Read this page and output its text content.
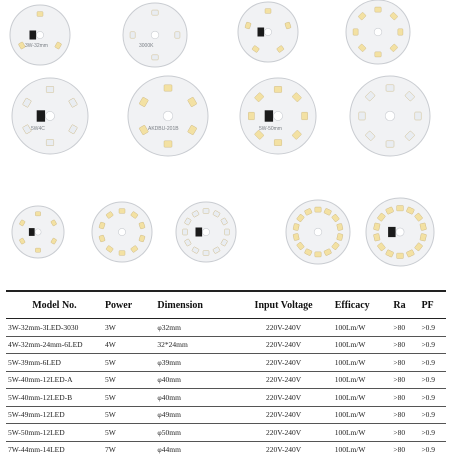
3W-32mm	3000K
5W4C	AKDBU-201B	5W-50mm
Model No.	Power	Dimension	Input Voltage	Efficacy	Ra	PF
3W-32mm-3LED-3030	3W	φ32mm	220V-240V	100Lm/W	>80	>0.9
4W-32mm-24mm-6LED	4W	32*24mm	220V-240V	100Lm/W	>80	>0.9
5W-39mm-6LED	5W	φ39mm	220V-240V	100Lm/W	>80	>0.9
5W-40mm-12LED-A	5W	φ40mm	220V-240V	100Lm/W	>80	>0.9
5W-40mm-12LED-B	5W	φ40mm	220V-240V	100Lm/W	>80	>0.9
5W-49mm-12LED	5W	φ49mm	220V-240V	100Lm/W	>80	>0.9
5W-50mm-12LED	5W	φ50mm	220V-240V	100Lm/W	>80	>0.9
7W-44mm-14LED	7W	φ44mm	220V-240V	100Lm/W	>80	>0.9
